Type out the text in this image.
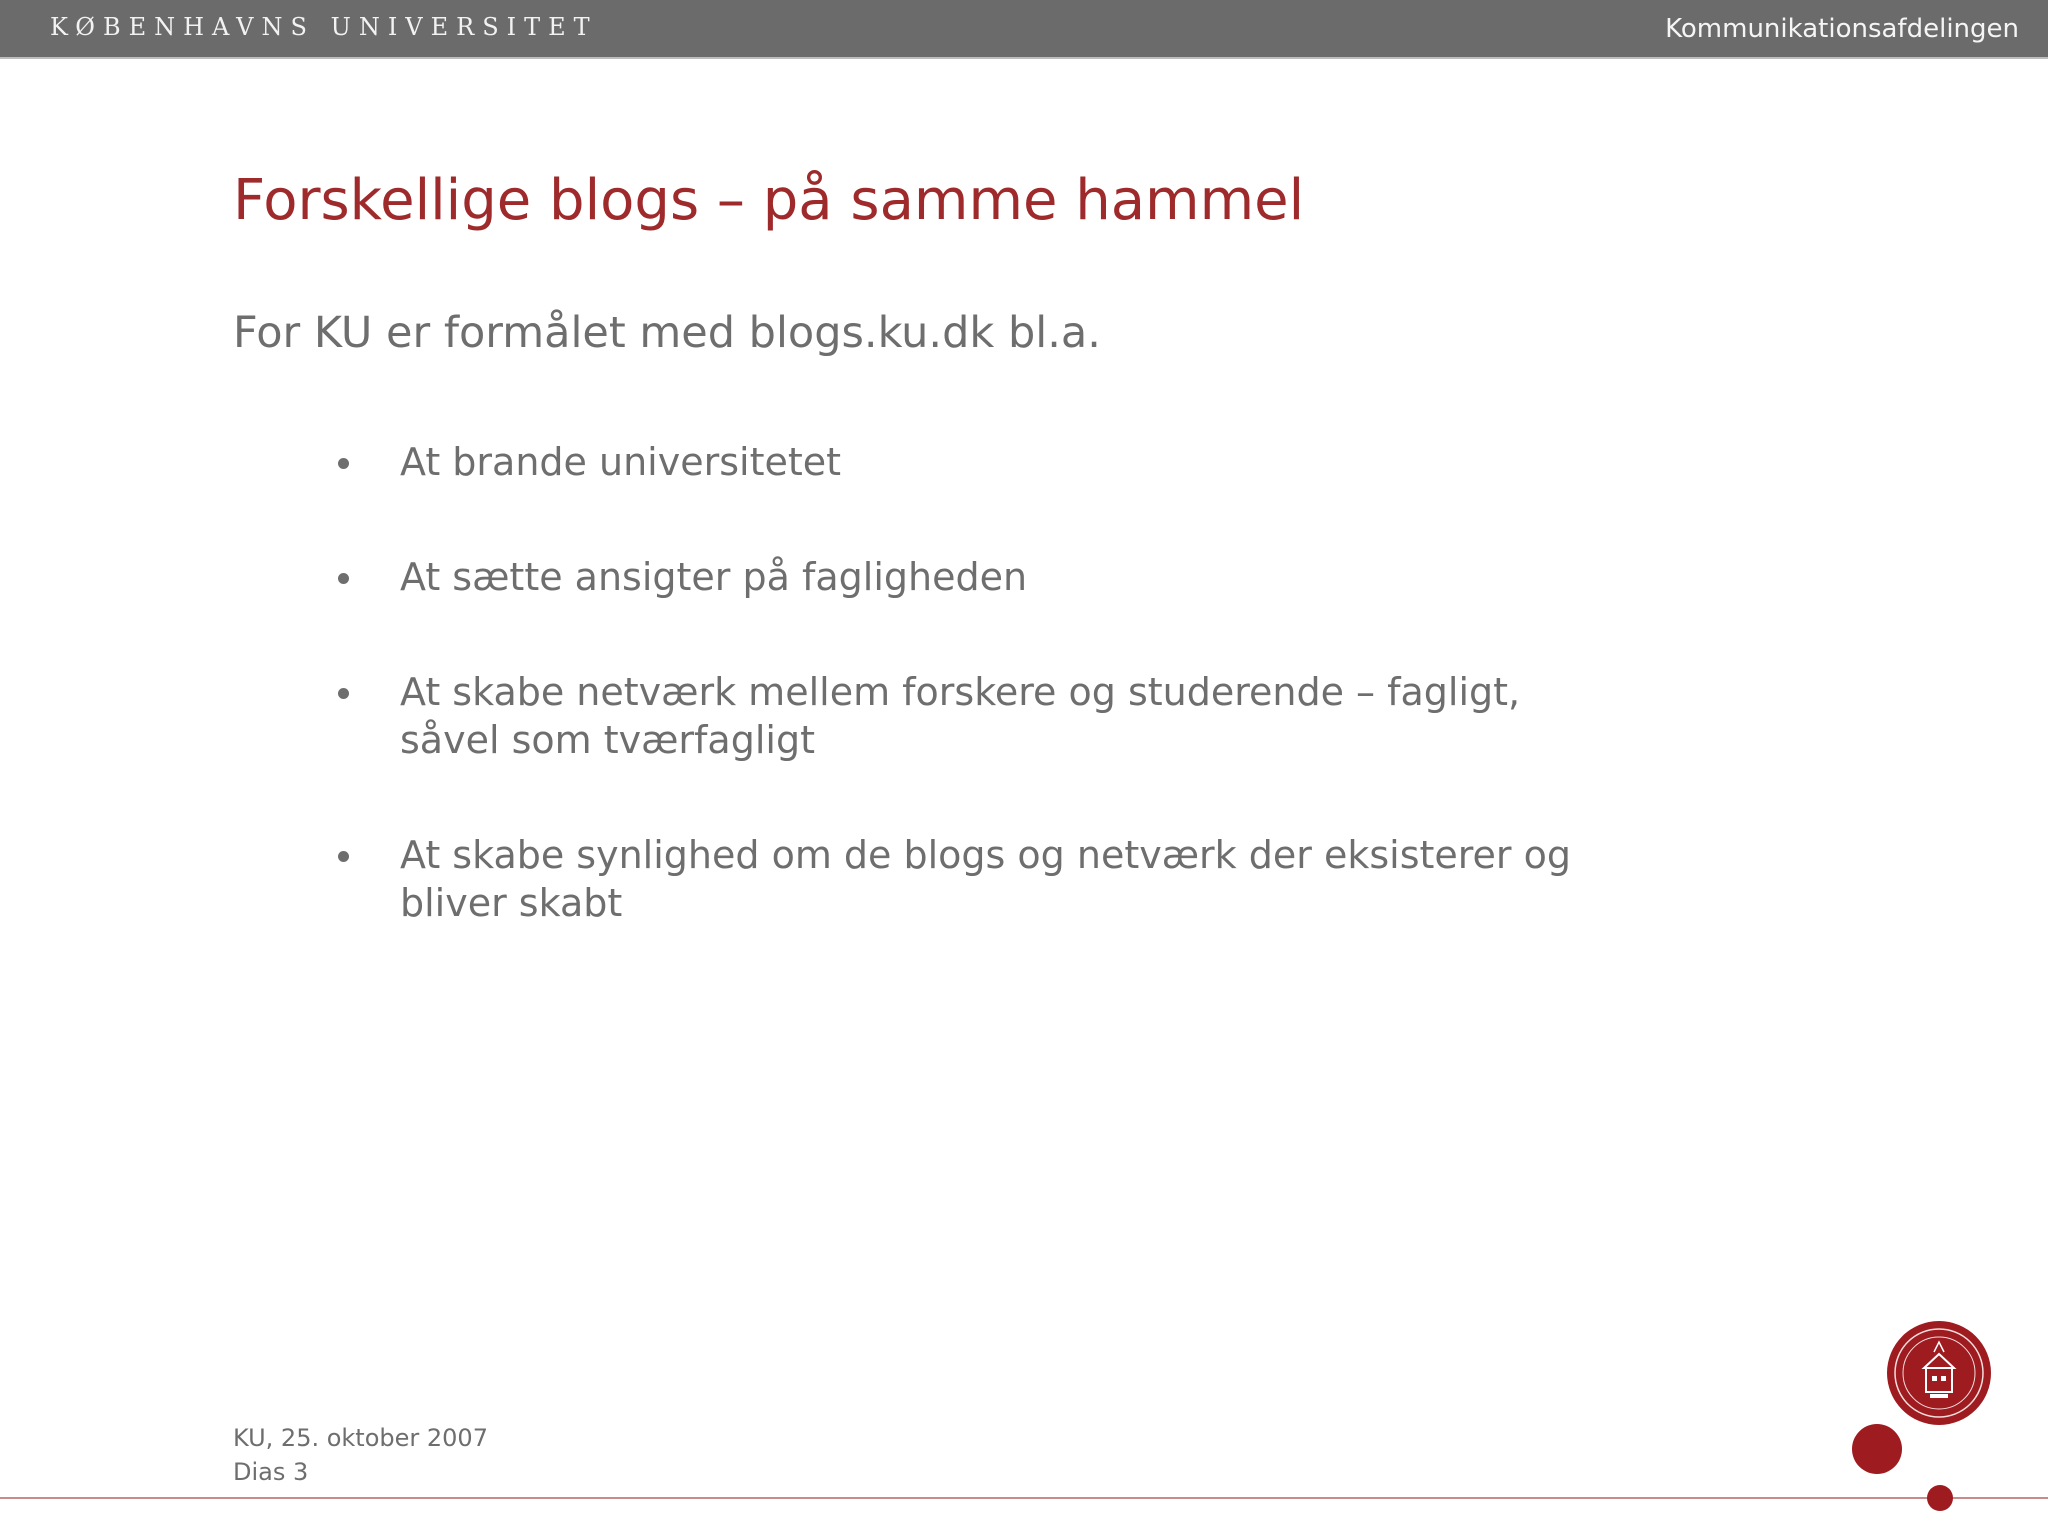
KØBENHAVNS UNIVERSITET	Kommunikationsafdelingen
Forskellige blogs – på samme hammel
For KU er formålet med blogs.ku.dk bl.a.
At brande universitetet
At sætte ansigter på fagligheden
At skabe netværk mellem forskere og studerende – fagligt,
såvel som tværfagligt
At skabe synlighed om de blogs og netværk der eksisterer og
bliver skabt
KU, 25. oktober 2007
Dias 3
